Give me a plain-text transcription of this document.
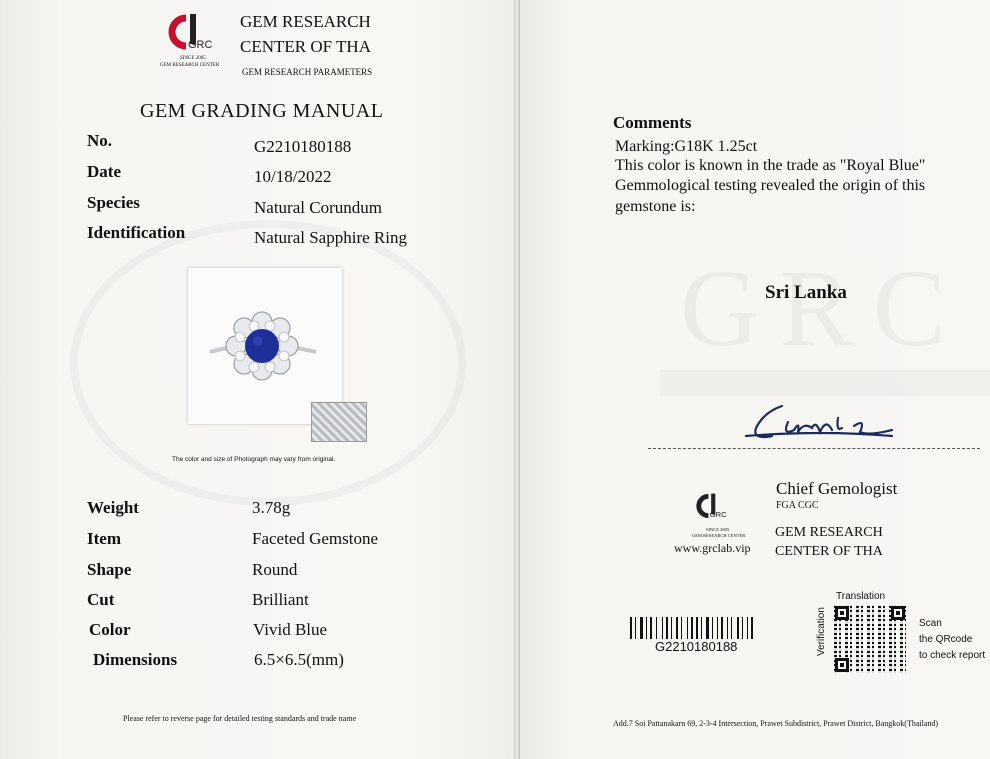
GRC
SINCE 2005
GEM RESEARCH CENTER
GEM RESEARCH
CENTER OF THA
GEM RESEARCH PARAMETERS
GEM GRADING MANUAL
No.	G2210180188
Date	10/18/2022
Species	Natural Corundum
Identification	Natural Sapphire Ring
The color and size of Photograph may vary from original.
Weight	3.78g
Item	Faceted Gemstone
Shape	Round
Cut	Brilliant
Color	Vivid Blue
Dimensions	6.5×6.5(mm)
Please refer to reverse page for detailed testing standards and trade name
Comments
Marking:G18K 1.25ct
This color is known in the trade as "Royal Blue"
Gemmological testing revealed the origin of this
gemstone is:
Sri Lanka
GRC
SINCE 2005
GEM RESEARCH CENTER
www.grclab.vip
Chief Gemologist
FGA CGC
GEM RESEARCH
CENTER OF THA
G2210180188
Translation
Verification	Scan
the QRcode
to check report
Add.7 Soi Pattanakarn 69, 2-3-4 Intersection, Prawet Subdistrict, Prawet District, Bangkok(Thailand)
